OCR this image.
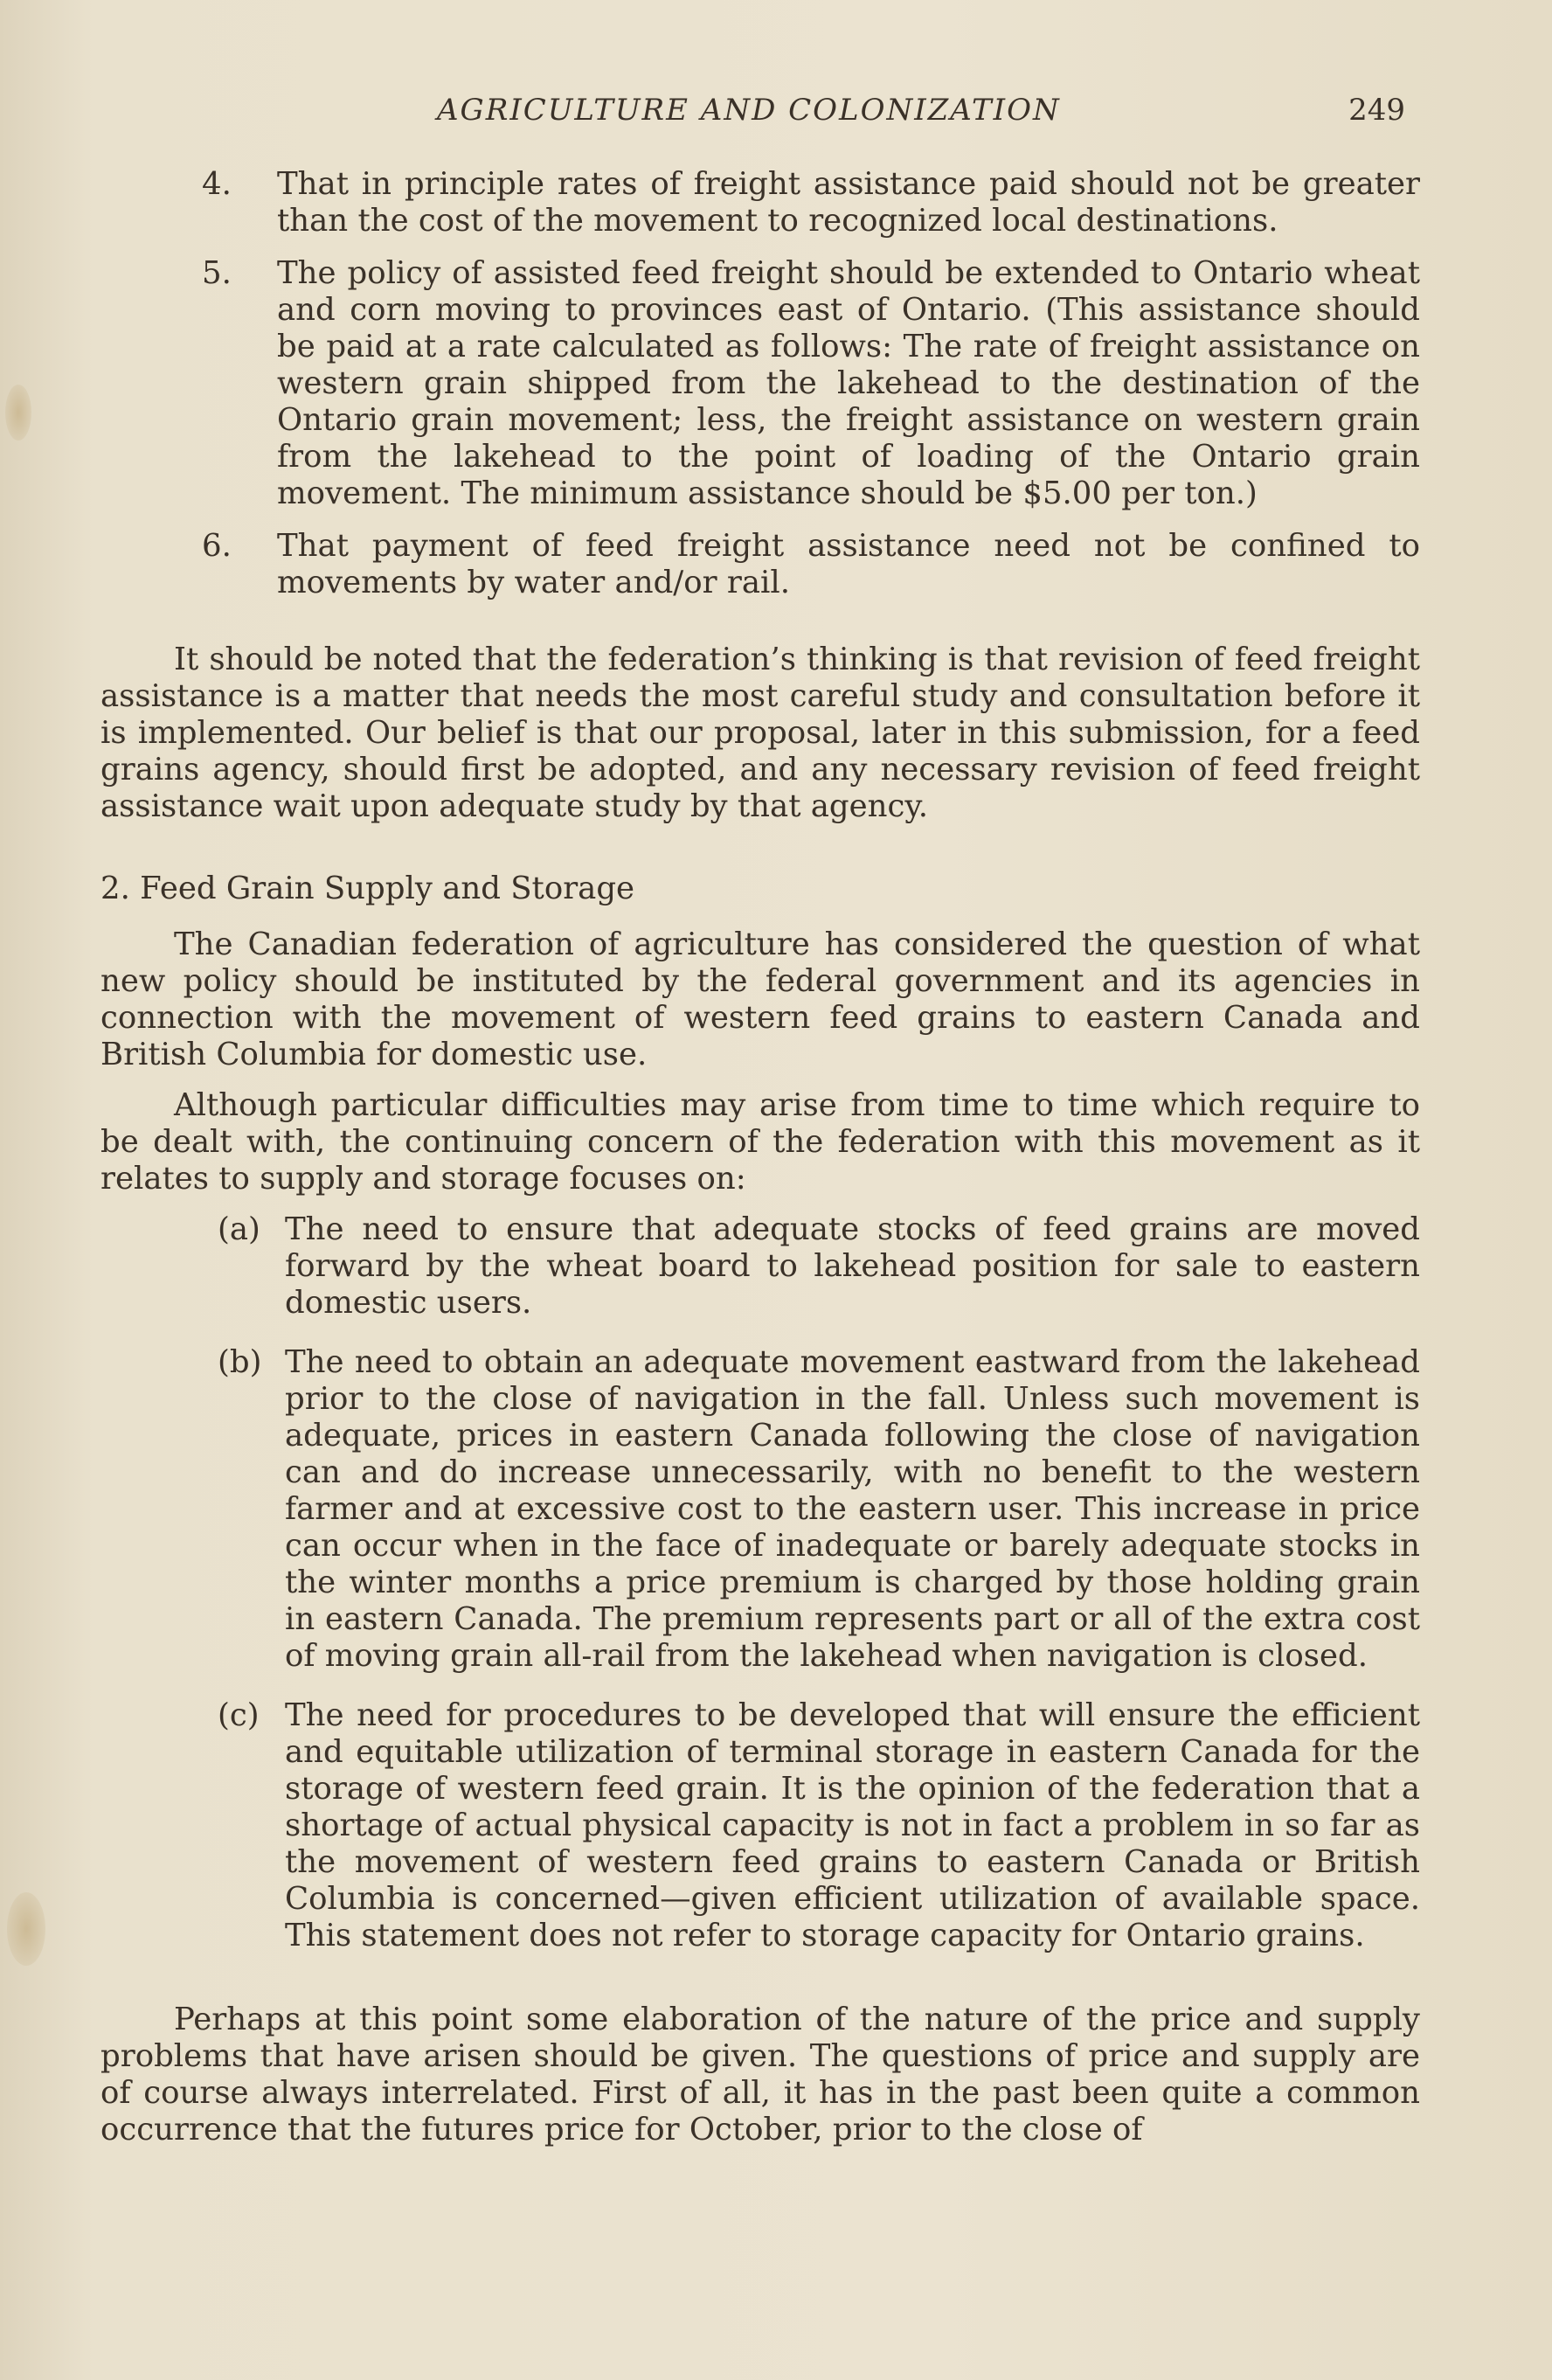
AGRICULTURE AND COLONIZATION	249
4. That in principle rates of freight assistance paid should not be greater than the cost of the movement to recognized local destinations.
5. The policy of assisted feed freight should be extended to Ontario wheat and corn moving to provinces east of Ontario. (This assistance should be paid at a rate calculated as follows: The rate of freight assistance on western grain shipped from the lakehead to the destination of the Ontario grain movement; less, the freight assistance on western grain from the lakehead to the point of loading of the Ontario grain movement. The minimum assistance should be $5.00 per ton.)
6. That payment of feed freight assistance need not be confined to movements by water and/or rail.

It should be noted that the federation’s thinking is that revision of feed freight assistance is a matter that needs the most careful study and consultation before it is implemented. Our belief is that our proposal, later in this submission, for a feed grains agency, should first be adopted, and any necessary revision of feed freight assistance wait upon adequate study by that agency.

2. Feed Grain Supply and Storage

The Canadian federation of agriculture has considered the question of what new policy should be instituted by the federal government and its agencies in connection with the movement of western feed grains to eastern Canada and British Columbia for domestic use.

Although particular difficulties may arise from time to time which require to be dealt with, the continuing concern of the federation with this movement as it relates to supply and storage focuses on:

(a) The need to ensure that adequate stocks of feed grains are moved forward by the wheat board to lakehead position for sale to eastern domestic users.
(b) The need to obtain an adequate movement eastward from the lakehead prior to the close of navigation in the fall. Unless such movement is adequate, prices in eastern Canada following the close of navigation can and do increase unnecessarily, with no benefit to the western farmer and at excessive cost to the eastern user. This increase in price can occur when in the face of inadequate or barely adequate stocks in the winter months a price premium is charged by those holding grain in eastern Canada. The premium represents part or all of the extra cost of moving grain all-rail from the lakehead when navigation is closed.
(c) The need for procedures to be developed that will ensure the efficient and equitable utilization of terminal storage in eastern Canada for the storage of western feed grain. It is the opinion of the federation that a shortage of actual physical capacity is not in fact a problem in so far as the movement of western feed grains to eastern Canada or British Columbia is concerned—given efficient utilization of available space. This statement does not refer to storage capacity for Ontario grains.

Perhaps at this point some elaboration of the nature of the price and supply problems that have arisen should be given. The questions of price and supply are of course always interrelated. First of all, it has in the past been quite a common occurrence that the futures price for October, prior to the close of
